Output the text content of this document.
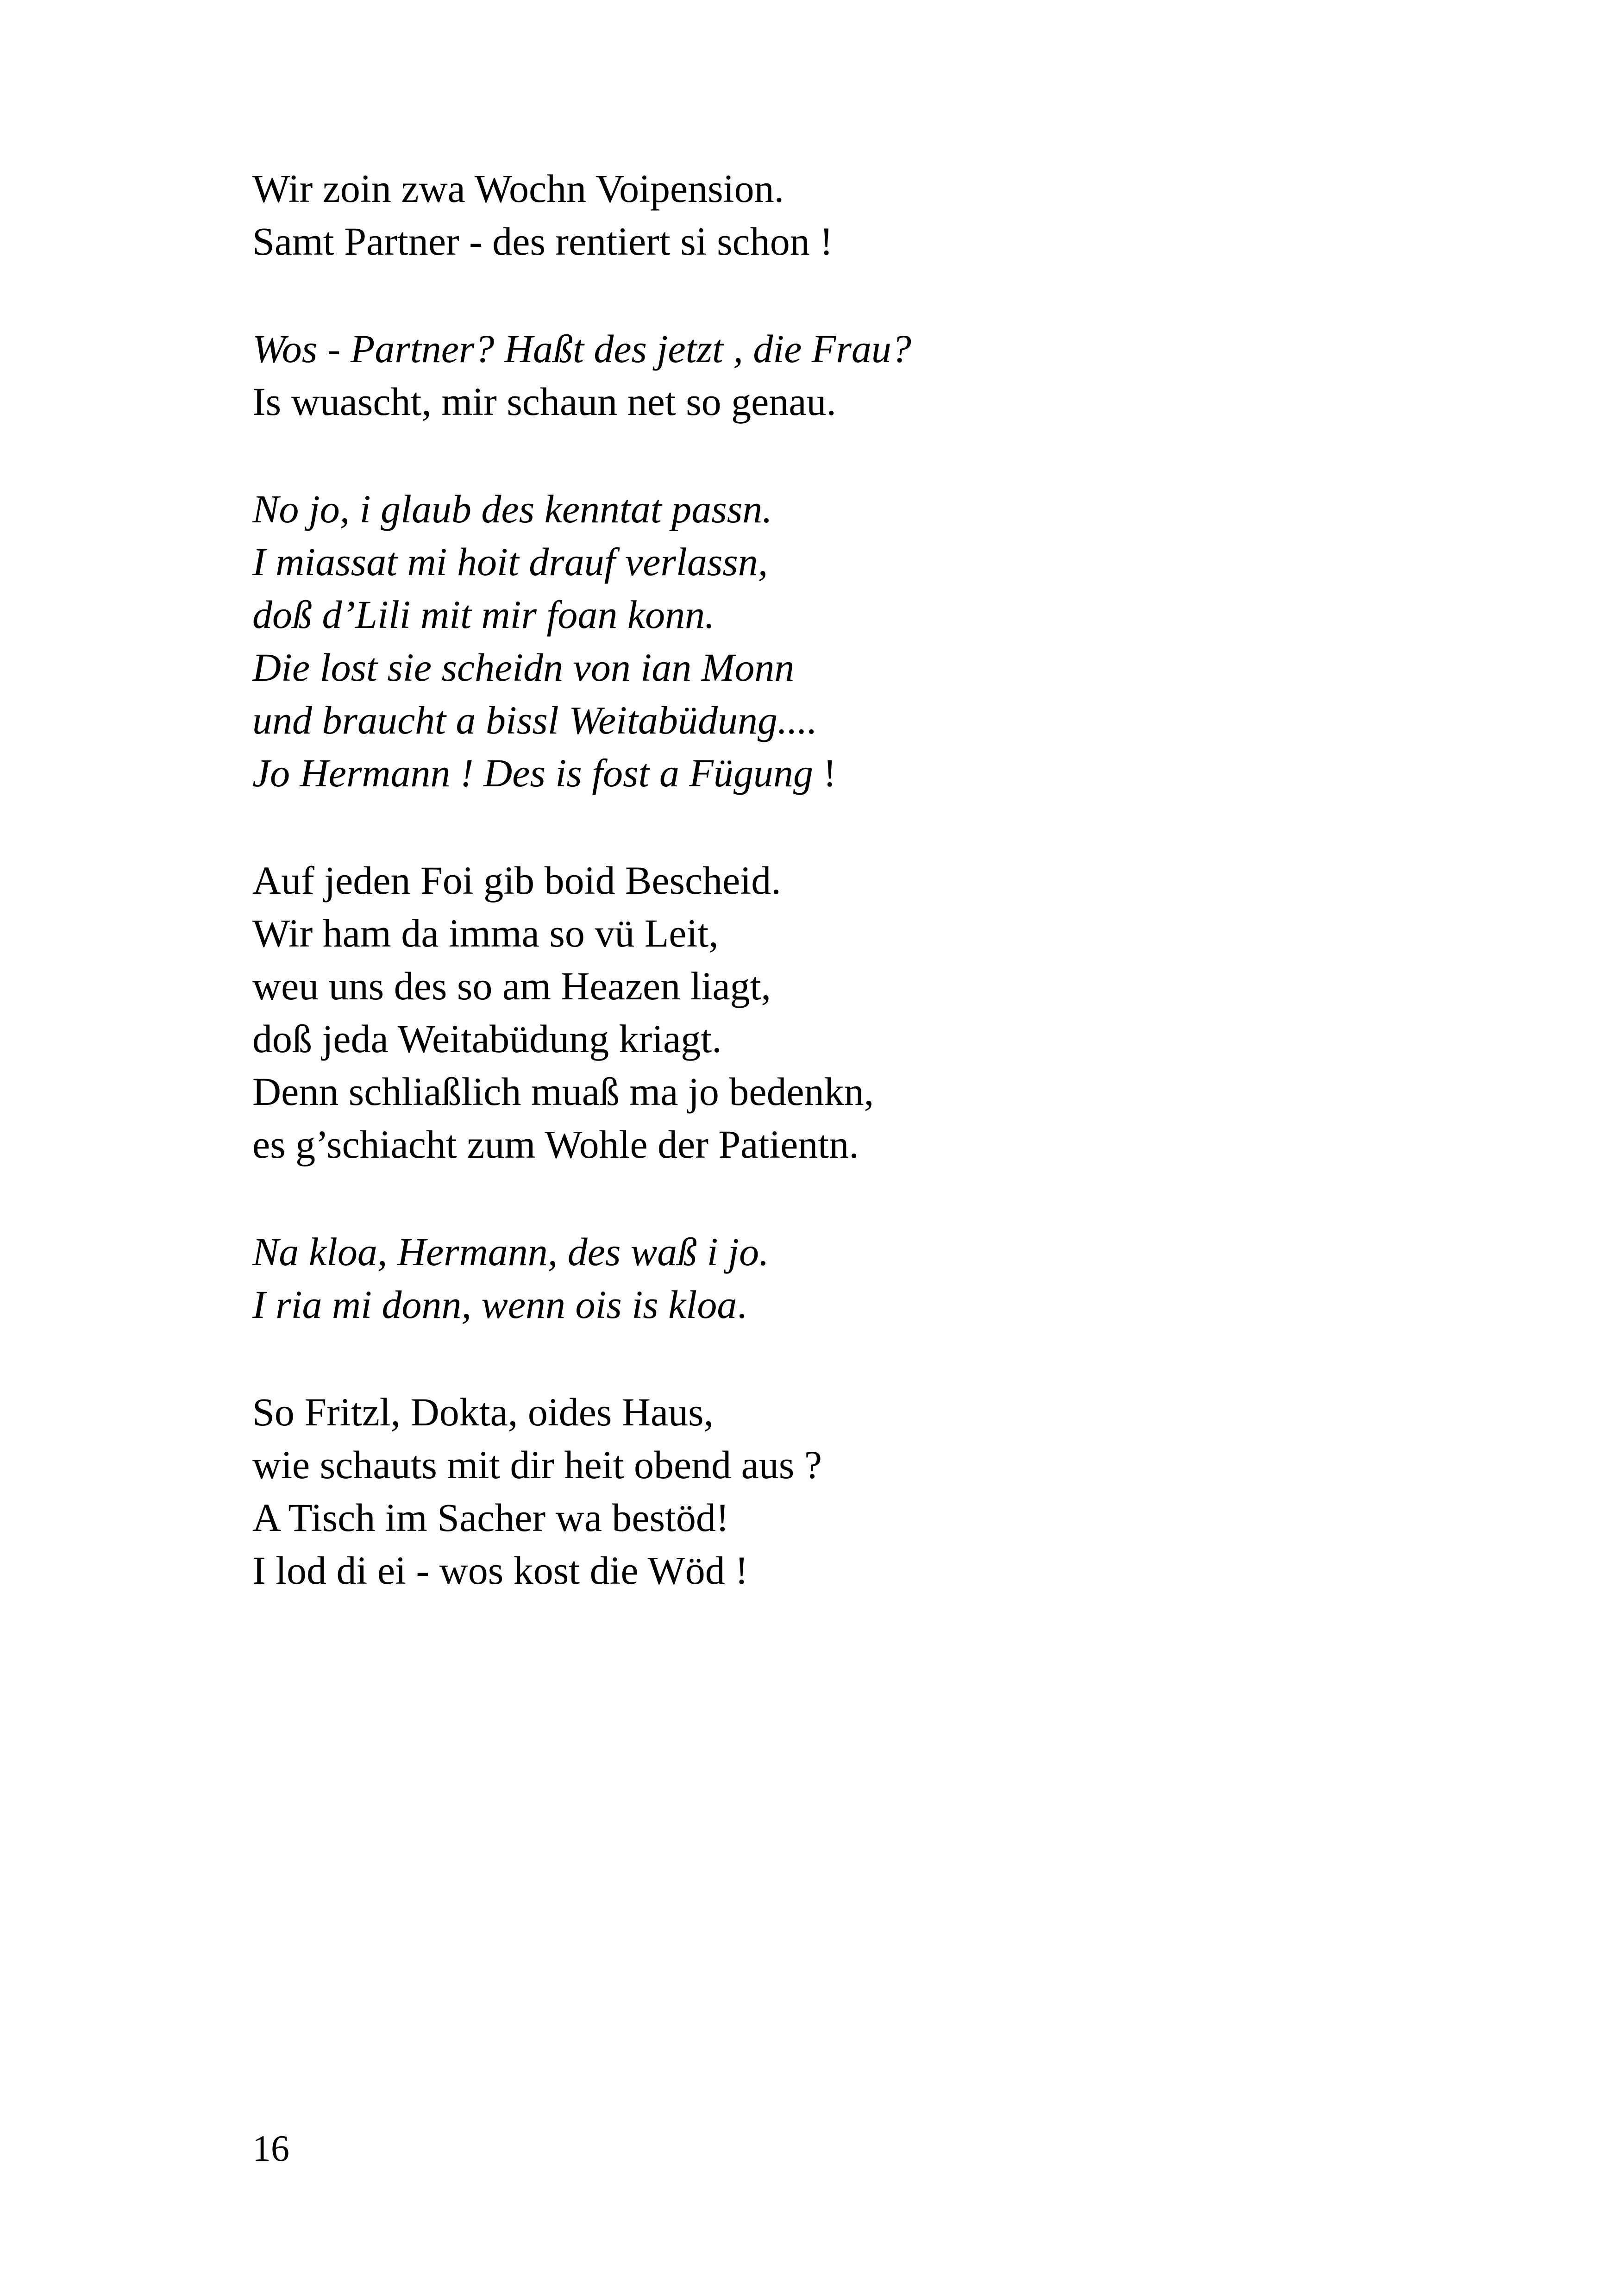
Wir zoin zwa Wochn Voipension.
Samt Partner - des rentiert si schon !
Wos - Partner? Haßt des jetzt , die Frau?
Is wuascht, mir schaun net so genau.
No jo, i glaub des kenntat passn.
I miassat mi hoit drauf verlassn,
doß d’Lili mit mir foan konn.
Die lost sie scheidn von ian Monn
und braucht a bissl Weitabüdung....
Jo Hermann ! Des is fost a Fügung !
Auf jeden Foi gib boid Bescheid.
Wir ham da imma so vü Leit,
weu uns des so am Heazen liagt,
doß jeda Weitabüdung kriagt.
Denn schliaßlich muaß ma jo bedenkn,
es g’schiacht zum Wohle der Patientn.
Na kloa, Hermann, des waß i jo.
I ria mi donn, wenn ois is kloa.
So Fritzl, Dokta, oides Haus,
wie schauts mit dir heit obend aus ?
A Tisch im Sacher wa bestöd!
I lod di ei - wos kost die Wöd !
16
